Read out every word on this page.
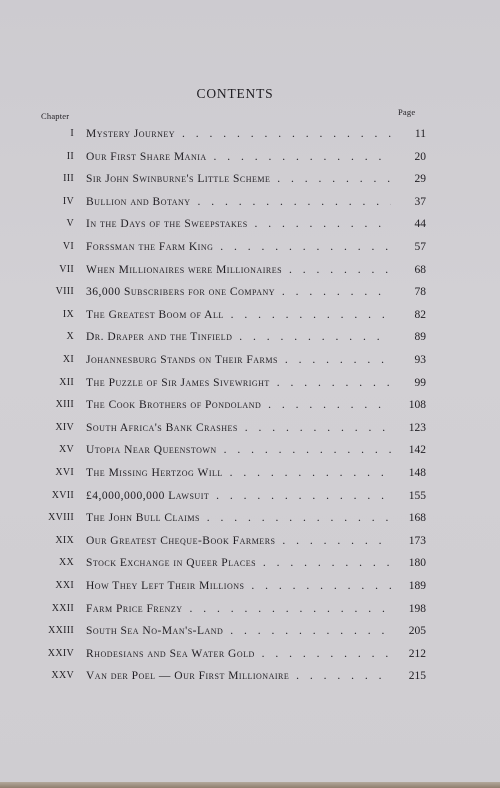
CONTENTS
Chapter	Page
I Mystery Journey . . .	11
II Our First Share Mania . . .	20
III Sir John Swinburne's Little Scheme . . .	29
IV Bullion and Botany . . .	37
V In the Days of the Sweepstakes . . .	44
VI Forssman the Farm King . . .	57
VII When Millionaires were Millionaires . . .	68
VIII 36,000 Subscribers for one Company . . .	78
IX The Greatest Boom of All . . .	82
X Dr. Draper and the Tinfield . . .	89
XI Johannesburg Stands on Their Farms . . .	93
XII The Puzzle of Sir James Sivewright . . .	99
XIII The Cook Brothers of Pondoland . . .	108
XIV South Africa's Bank Crashes . . .	123
XV Utopia Near Queenstown . . .	142
XVI The Missing Hertzog Will . . .	148
XVII £4,000,000,000 Lawsuit . . .	155
XVIII The John Bull Claims . . .	168
XIX Our Greatest Cheque-Book Farmers . . .	173
XX Stock Exchange in Queer Places . . .	180
XXI How They Left Their Millions . . .	189
XXII Farm Price Frenzy . . .	198
XXIII South Sea No-Man's-Land . . .	205
XXIV Rhodesians and Sea Water Gold . . .	212
XXV Van der Poel — Our First Millionaire . . .	215
